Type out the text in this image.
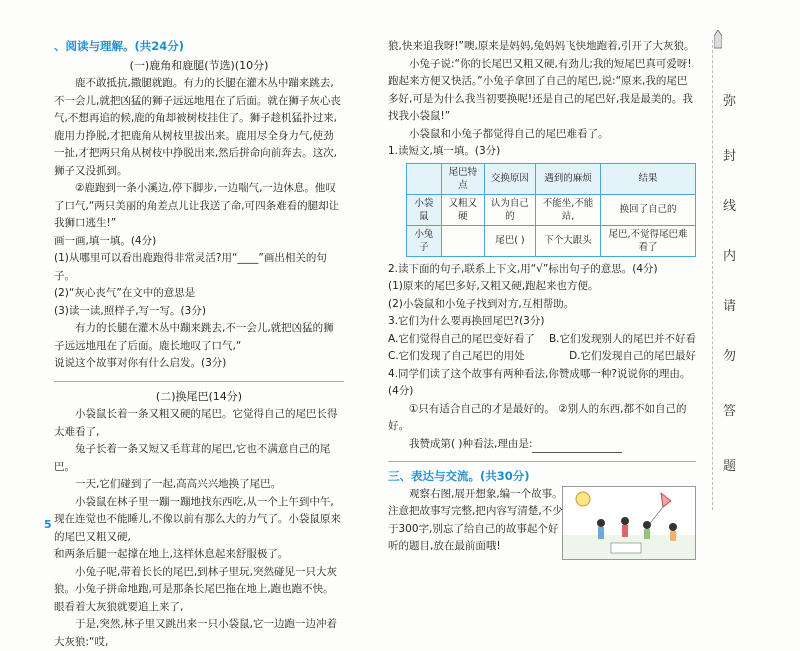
、阅读与理解。(共24分)
(一)鹿角和鹿腿(节选)(10分)
鹿不敢抵抗,撒腿就跑。有力的长腿在灌木丛中蹦来跳去,不一会儿,就把凶猛的狮子远远地甩在了后面。就在狮子灰心丧气,不想再追的候,鹿的角却被树枝挂住了。狮子趁机猛扑过来,鹿用力挣脱,才把鹿角从树枝里拔出来。鹿用尽全身力气,使劲一扯,才把两只角从树枝中挣脱出来,然后拼命向前奔去。这次,狮子又没抓到。
②鹿跑到一条小溪边,停下脚步,一边喘气,一边休息。他叹了口气,“两只美丽的角差点儿让我送了命,可四条难看的腿却让我狮口逃生!”
画一画,填一填。(4分)
(1)从哪里可以看出鹿跑得非常灵活?用“____”画出相关的句子。
(2)“灰心丧气”在文中的意思是
(3)读一读,照样子,写一写。(3分)
有力的长腿在灌木丛中蹦来跳去,不一会儿,就把凶猛的狮子远远地甩在了后面。鹿长地叹了口气,“
说说这个故事对你有什么启发。(3分)
(二)换尾巴(14分)
小袋鼠长着一条又粗又硬的尾巴。它觉得自己的尾巴长得太难看了,
兔子长着一条又短又毛茸茸的尾巴,它也不满意自己的尾巴。
一天,它们碰到了一起,高高兴兴地换了尾巴。
小袋鼠在林子里一蹦一蹦地找东西吃,从一个上午到中午,现在连觉也不能睡儿,不像以前有那么大的力气了。小袋鼠原来的尾巴又粗又硬,
和两条后腿一起撑在地上,这样休息起来舒服极了。
小兔子呢,带着长长的尾巴,到林子里玩,突然碰见一只大灰狼。小兔子拼命地跑,可是那条长尾巴拖在地上,跑也跑不快。眼看着大灰狼就要追上来了,
于是,突然,林子里又跳出来一只小袋鼠,它一边跑一边冲着大灰狼:“哎,
狼,快来追我呀!”噢,原来是妈妈,兔妈妈飞快地跑着,引开了大灰狼。
小兔子说:“你的长尾巴又粗又硬,有劲儿;我的短尾巴真可爱呀!跑起来方便又快活。”小兔子拿回了自己的尾巴,说:“原来,我的尾巴多好,可是为什么我当初要换呢!还是自己的尾巴好,我是最美的。我找我小袋鼠!”
小袋鼠和小兔子都觉得自己的尾巴难看了。
1.读短文,填一填。(3分)
	尾巴特点	交换原因	遇到的麻烦	结果
小袋鼠	又粗又硬	认为自己的	不能坐,不能站,	换回了自己的
小兔子		尾巴( )	下个大跟头	尾巴,不觉得尾巴难看了
2.读下面的句子,联系上下文,用“√”标出句子的意思。(4分)
(1)原来的尾巴多好,又粗又硬,跑起来也方便。
(2)小袋鼠和小兔子找到对方,互相帮助。
3.它们为什么要再换回尾巴?(3分)
A.它们觉得自己的尾巴变好看了 B.它们发现别人的尾巴并不好看
C.它们发现了自己尾巴的用处	D.它们发现自己的尾巴最好
4.同学们读了这个故事有两种看法,你赞成哪一种?说说你的理由。(4分)
①只有适合自己的才是最好的。 ②别人的东西,都不如自己的好。
我赞成第( )种看法,理由是:
三、表达与交流。(共30分)
观察右图,展开想象,编一个故事。注意把故事写完整,把内容写清楚,不少于300字,别忘了给自己的故事起个好听的题目,放在最前面哦!
弥
封
线
内
请
勿
答
题
5
